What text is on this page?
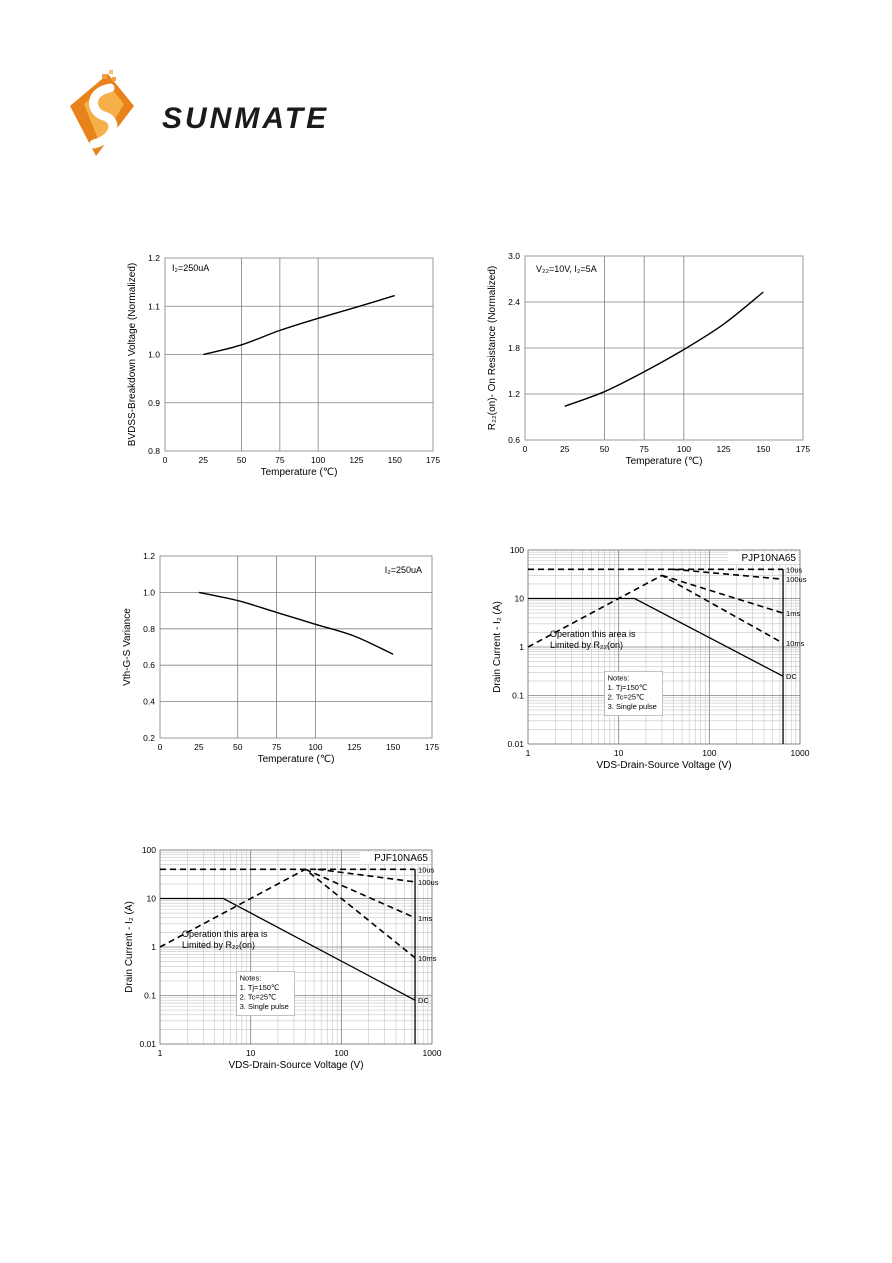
SUNMATE
0	25	50	75	100	125	150	175
0.8
0.9
1.0
1.1
1.2
Temperature (℃)
BVDSS-Breakdown Voltage (Normalized)	I₂=250uA
0	25	50	75	100	125	150	175
0.6
1.2
1.8
2.4
3.0
Temperature (℃)
R₂₂(on)- On Resistance (Normalized)	V₂₂=10V, I₂=5A
0	25	50	75	100	125	150	175
0.2
0.4
0.6
0.8
1.0
1.2
Temperature (℃)
Vth-G-S Variance
I₂=250uA
1	10	100	1000
0.01
0.1
1
10
100
VDS-Drain-Source Voltage (V)
Drain Current - I₂ (A)
PJP10NA65
10us
100us
1ms
10ms
DC
Operation this area is
Limited by R₂₂(on)
Notes:
1. Tj=150℃
2. Tc=25℃
3. Single pulse
1	10	100	1000
0.01
0.1
1
10
100
VDS-Drain-Source Voltage (V)
Drain Current - I₂ (A)
PJF10NA65
10us
100us
1ms
10ms
DC
Operation this area is
Limited by R₂₂(on)
Notes:
1. Tj=150℃
2. Tc=25℃
3. Single pulse
